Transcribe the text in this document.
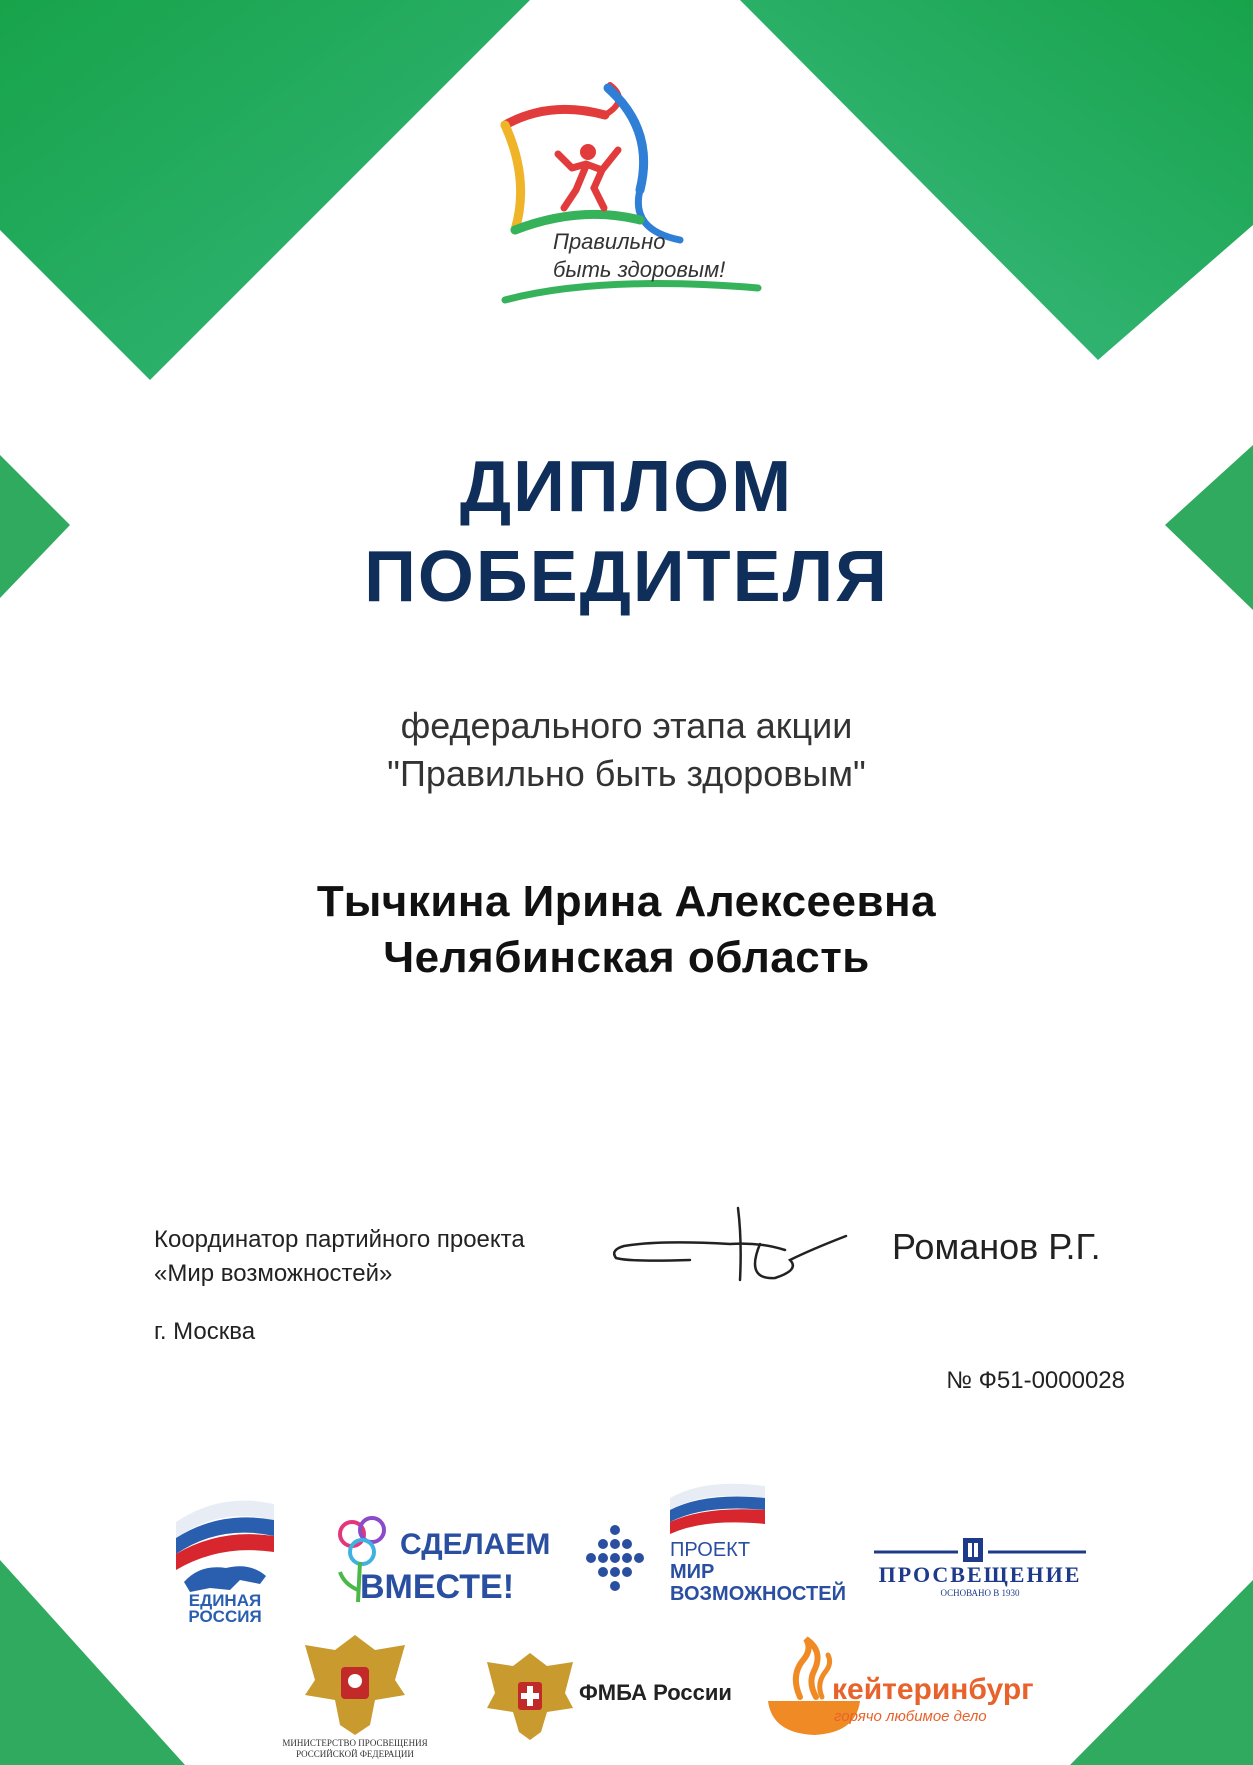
Правильно
быть здоровым!
ДИПЛОМ
ПОБЕДИТЕЛЯ
федерального этапа акции
"Правильно быть здоровым"
Тычкина Ирина Алексеевна
Челябинская область
Координатор партийного проекта
«Мир возможностей»
г. Москва
Романов Р.Г.
№ Ф51-0000028
ЕДИНАЯ
РОССИЯ
СДЕЛАЕМ
ВМЕСТЕ!
ПРОЕКТ
МИР
ВОЗМОЖНОСТЕЙ
ПРОСВЕЩЕНИЕ
ОСНОВАНО В 1930
МИНИСТЕРСТВО ПРОСВЕЩЕНИЯ
РОССИЙСКОЙ ФЕДЕРАЦИИ
ФМБА России	кейтеринбург
горячо любимое дело
